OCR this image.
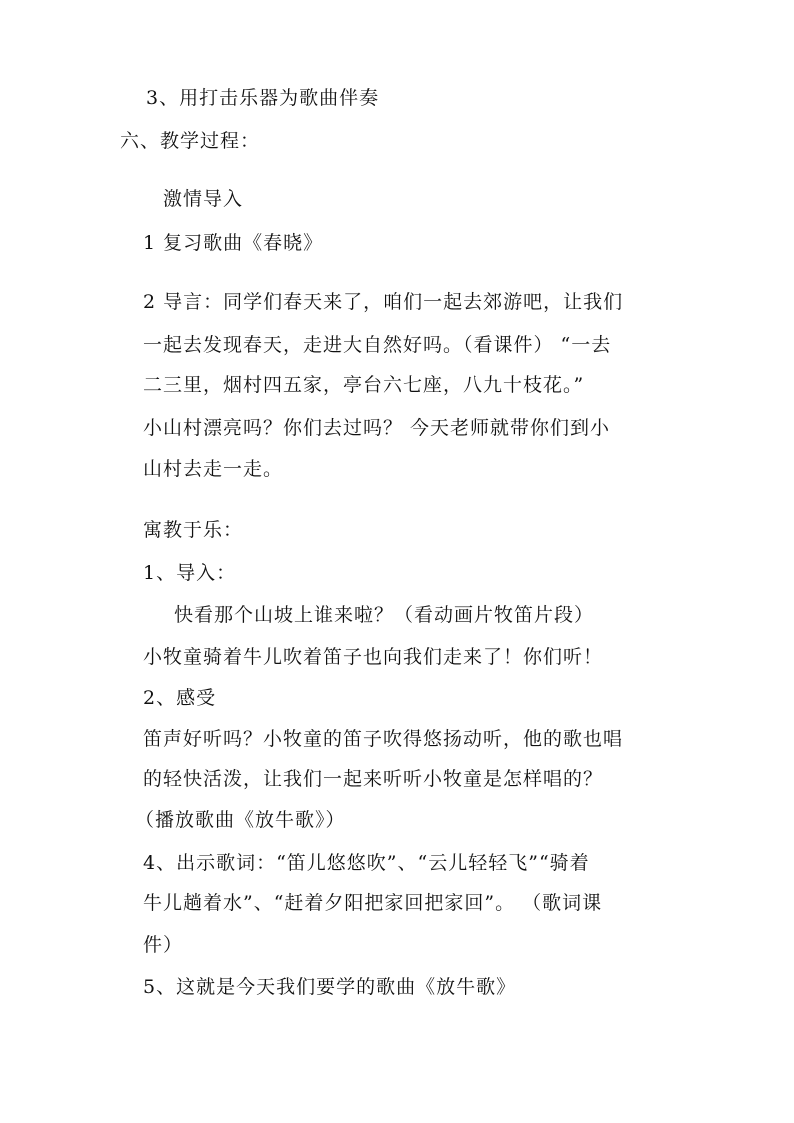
3、用打击乐器为歌曲伴奏
六、教学过程：
激情导入
1 复习歌曲《春晓》
2 导言：同学们春天来了，咱们一起去郊游吧，让我们
一起去发现春天，走进大自然好吗。（看课件） “一去
二三里，烟村四五家，亭台六七座，八九十枝花。”
小山村漂亮吗？你们去过吗？ 今天老师就带你们到小
山村去走一走。
寓教于乐：
1、导入：
快看那个山坡上谁来啦？（看动画片牧笛片段）
小牧童骑着牛儿吹着笛子也向我们走来了！你们听！
2、感受
笛声好听吗？小牧童的笛子吹得悠扬动听，他的歌也唱
的轻快活泼，让我们一起来听听小牧童是怎样唱的？
（播放歌曲《放牛歌》）
4、出示歌词：“笛儿悠悠吹”、“云儿轻轻飞”“骑着
牛儿趟着水”、“赶着夕阳把家回把家回”。 （歌词课
件）
5、这就是今天我们要学的歌曲《放牛歌》
